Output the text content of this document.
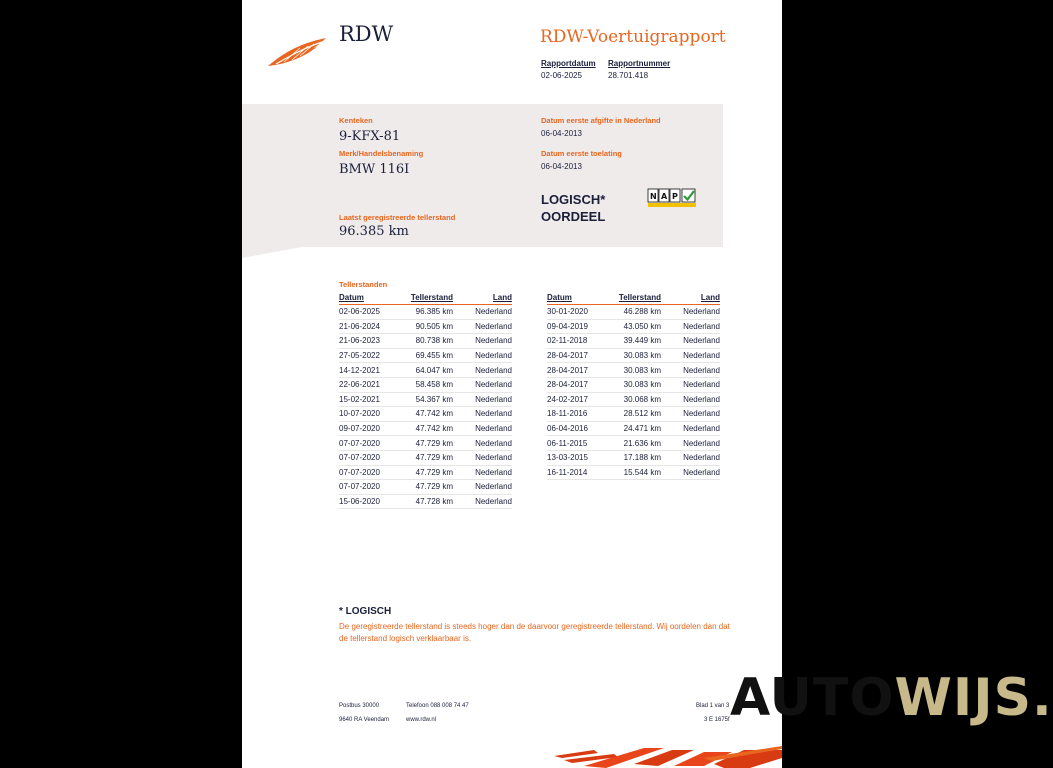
RDW	RDW-Voertuigrapport
Rapportdatum
02-06-2025
Rapportnummer
28.701.418
Kenteken
9-KFX-81
Merk/Handelsbenaming
BMW 116I
Laatst geregistreerde tellerstand
96.385 km
Datum eerste afgifte in Nederland
06-04-2013
Datum eerste toelating
06-04-2013
LOGISCH*
OORDEEL
N A P
Tellerstanden
Datum	Tellerstand	Land
02-06-2025	96.385 km	Nederland
21-06-2024	90.505 km	Nederland
21-06-2023	80.738 km	Nederland
27-05-2022	69.455 km	Nederland
14-12-2021	64.047 km	Nederland
22-06-2021	58.458 km	Nederland
15-02-2021	54.367 km	Nederland
10-07-2020	47.742 km	Nederland
09-07-2020	47.742 km	Nederland
07-07-2020	47.729 km	Nederland
07-07-2020	47.729 km	Nederland
07-07-2020	47.729 km	Nederland
07-07-2020	47.729 km	Nederland
15-06-2020	47.728 km	Nederland
Datum	Tellerstand	Land
30-01-2020	46.288 km	Nederland
09-04-2019	43.050 km	Nederland
02-11-2018	39.449 km	Nederland
28-04-2017	30.083 km	Nederland
28-04-2017	30.083 km	Nederland
28-04-2017	30.083 km	Nederland
24-02-2017	30.068 km	Nederland
18-11-2016	28.512 km	Nederland
06-04-2016	24.471 km	Nederland
06-11-2015	21.636 km	Nederland
13-03-2015	17.188 km	Nederland
16-11-2014	15.544 km	Nederland
* LOGISCH
De geregistreerde tellerstand is steeds hoger dan de daarvoor geregistreerde tellerstand. Wij oordelen dan dat de tellerstand logisch verklaarbaar is.
Postbus 30000
9640 RA Veendam
Telefoon 088 008 74 47
www.rdw.nl
Blad 1 van 3
3 E 1675f AUTOWIJS.
